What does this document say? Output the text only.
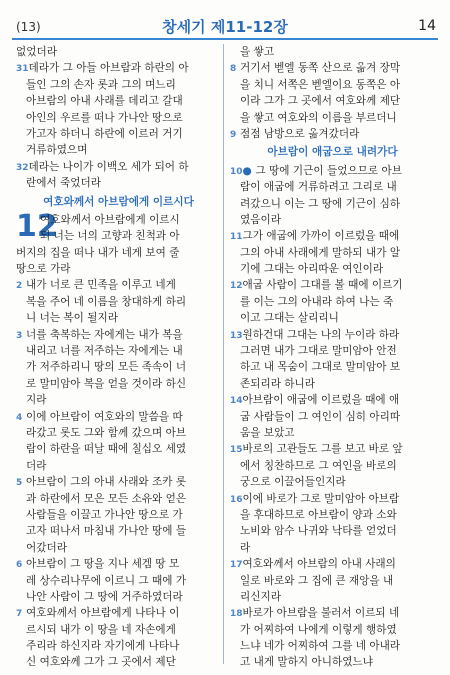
(13)	창세기 제11-12장	14
없었더라
31데라가 그 아들 아브람과 하란의 아
들인 그의 손자 롯과 그의 며느리
아브람의 아내 사래를 데리고 갈대
아인의 우르를 떠나 가나안 땅으로
가고자 하더니 하란에 이르러 거기
거류하였으며
32데라는 나이가 이백오 세가 되어 하
란에서 죽었더라
여호와께서 아브람에게 이르시다
12
여호와께서 아브람에게 이르시
되 너는 너의 고향과 친척과 아
버지의 집을 떠나 내가 네게 보여 줄
땅으로 가라
2 내가 너로 큰 민족을 이루고 네게
복을 주어 네 이름을 창대하게 하리
니 너는 복이 될지라
3 너를 축복하는 자에게는 내가 복을
내리고 너를 저주하는 자에게는 내
가 저주하리니 땅의 모든 족속이 너
로 말미암아 복을 얻을 것이라 하신
지라
4 이에 아브람이 여호와의 말씀을 따
라갔고 롯도 그와 함께 갔으며 아브
람이 하란을 떠날 때에 칠십오 세였
더라
5 아브람이 그의 아내 사래와 조카 롯
과 하란에서 모은 모든 소유와 얻은
사람들을 이끌고 가나안 땅으로 가
고자 떠나서 마침내 가나안 땅에 들
어갔더라
6 아브람이 그 땅을 지나 세겜 땅 모
레 상수리나무에 이르니 그 때에 가
나안 사람이 그 땅에 거주하였더라
7 여호와께서 아브람에게 나타나 이
르시되 내가 이 땅을 네 자손에게
주리라 하신지라 자기에게 나타나
신 여호와께 그가 그 곳에서 제단
을 쌓고
8 거기서 벧엘 동쪽 산으로 옮겨 장막
을 치니 서쪽은 벧엘이요 동쪽은 아
이라 그가 그 곳에서 여호와께 제단
을 쌓고 여호와의 이름을 부르더니
9 점점 남방으로 옮겨갔더라
아브람이 애굽으로 내려가다
10● 그 땅에 기근이 들었으므로 아브
람이 애굽에 거류하려고 그리로 내
려갔으니 이는 그 땅에 기근이 심하
였음이라
11그가 애굽에 가까이 이르렀을 때에
그의 아내 사래에게 말하되 내가 알
기에 그대는 아리따운 여인이라
12애굽 사람이 그대를 볼 때에 이르기
를 이는 그의 아내라 하여 나는 죽
이고 그대는 살리리니
13원하건대 그대는 나의 누이라 하라
그러면 내가 그대로 말미암아 안전
하고 내 목숨이 그대로 말미암아 보
존되리라 하니라
14아브람이 애굽에 이르렀을 때에 애
굽 사람들이 그 여인이 심히 아리따
움을 보았고
15바로의 고관들도 그를 보고 바로 앞
에서 칭찬하므로 그 여인을 바로의
궁으로 이끌어들인지라
16이에 바로가 그로 말미암아 아브람
을 후대하므로 아브람이 양과 소와
노비와 암수 나귀와 낙타를 얻었더
라
17여호와께서 아브람의 아내 사래의
일로 바로와 그 집에 큰 재앙을 내
리신지라
18바로가 아브람을 불러서 이르되 네
가 어찌하여 나에게 이렇게 행하였
느냐 네가 어찌하여 그를 네 아내라
고 내게 말하지 아니하였느냐
